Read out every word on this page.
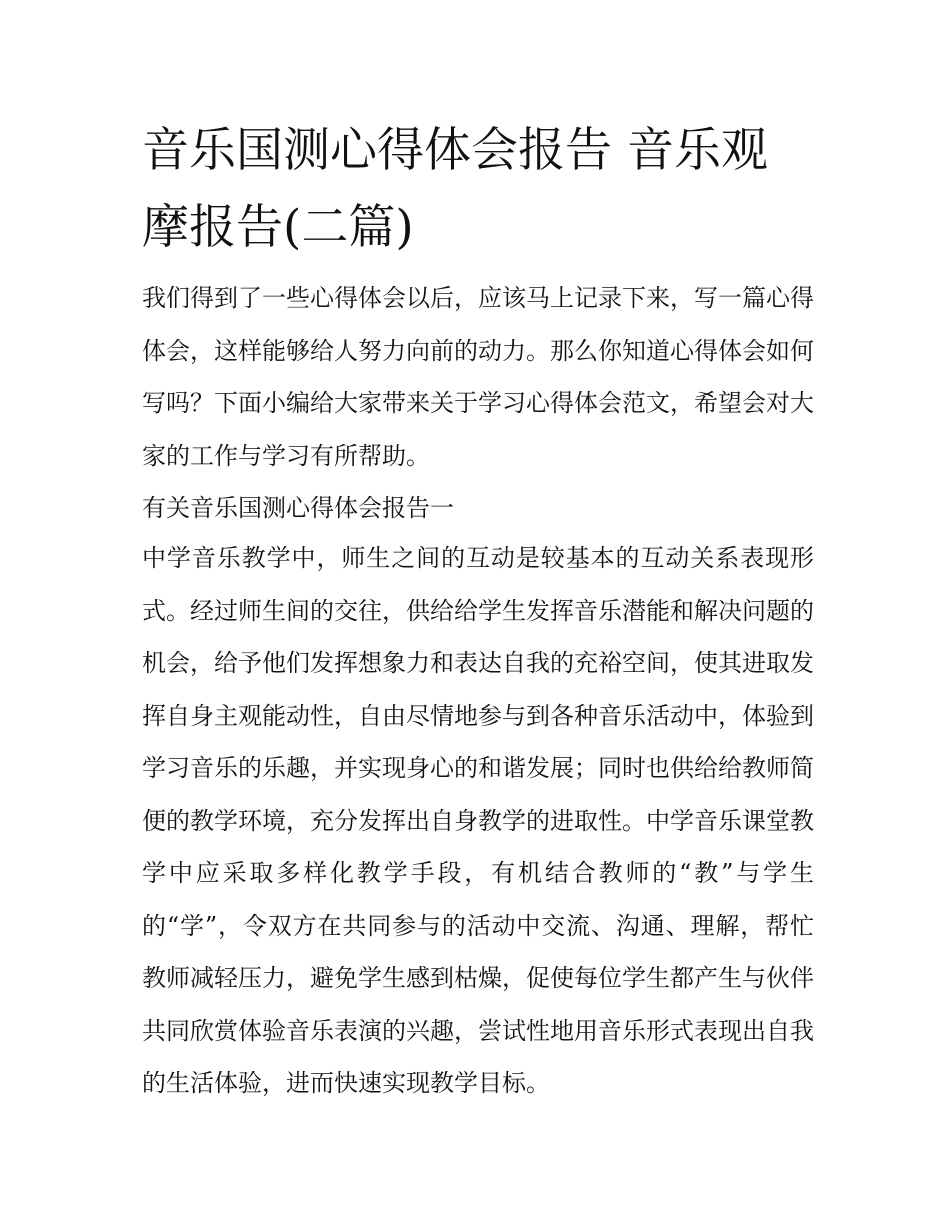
音乐国测心得体会报告 音乐观摩报告(二篇)

我们得到了一些心得体会以后，应该马上记录下来，写一篇心得体会，这样能够给人努力向前的动力。那么你知道心得体会如何写吗？下面小编给大家带来关于学习心得体会范文，希望会对大家的工作与学习有所帮助。

有关音乐国测心得体会报告一

中学音乐教学中，师生之间的互动是较基本的互动关系表现形式。经过师生间的交往，供给给学生发挥音乐潜能和解决问题的机会，给予他们发挥想象力和表达自我的充裕空间，使其进取发挥自身主观能动性，自由尽情地参与到各种音乐活动中，体验到学习音乐的乐趣，并实现身心的和谐发展；同时也供给给教师简便的教学环境，充分发挥出自身教学的进取性。中学音乐课堂教学中应采取多样化教学手段，有机结合教师的“教”与学生的“学”，令双方在共同参与的活动中交流、沟通、理解，帮忙教师减轻压力，避免学生感到枯燥，促使每位学生都产生与伙伴共同欣赏体验音乐表演的兴趣，尝试性地用音乐形式表现出自我的生活体验，进而快速实现教学目标。
